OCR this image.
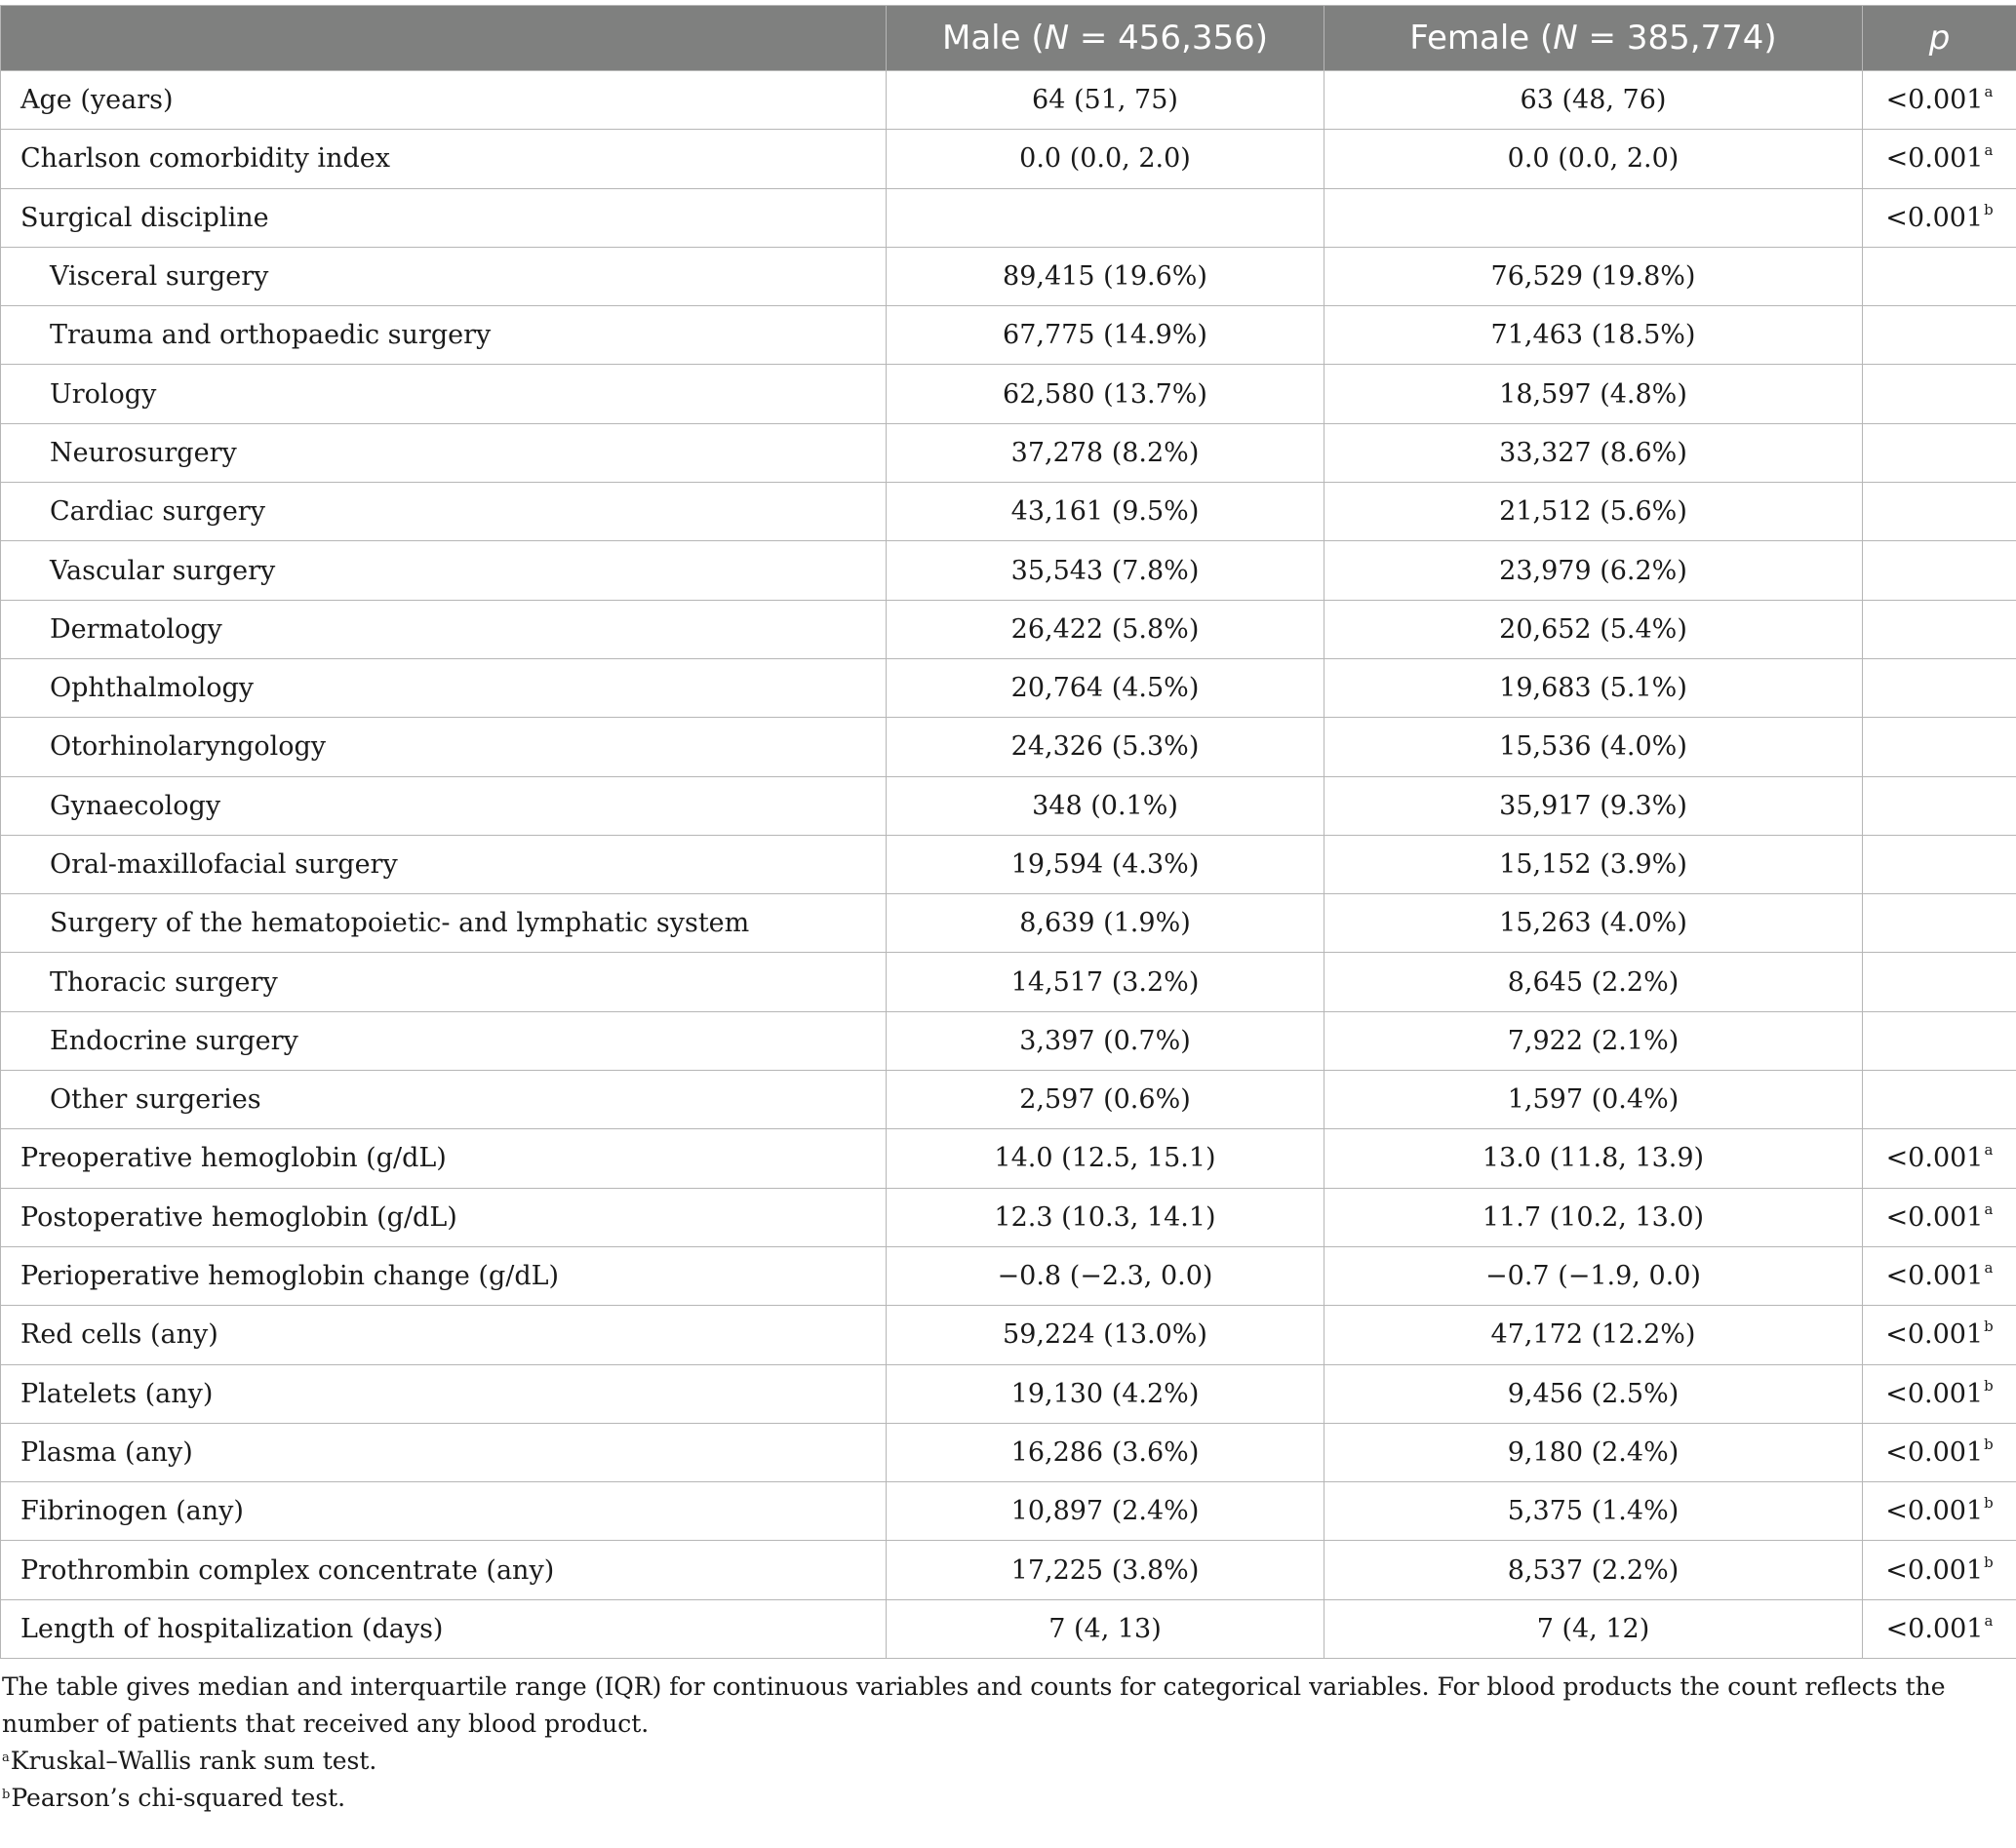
	Male (N = 456,356)	Female (N = 385,774)	p
Age (years)	64 (51, 75)	63 (48, 76)	<0.001$^a$
Charlson comorbidity index	0.0 (0.0, 2.0)	0.0 (0.0, 2.0)	<0.001$^a$
Surgical discipline			<0.001$^b$
Visceral surgery	89,415 (19.6%)	76,529 (19.8%)	
Trauma and orthopaedic surgery	67,775 (14.9%)	71,463 (18.5%)	
Urology	62,580 (13.7%)	18,597 (4.8%)	
Neurosurgery	37,278 (8.2%)	33,327 (8.6%)	
Cardiac surgery	43,161 (9.5%)	21,512 (5.6%)	
Vascular surgery	35,543 (7.8%)	23,979 (6.2%)	
Dermatology	26,422 (5.8%)	20,652 (5.4%)	
Ophthalmology	20,764 (4.5%)	19,683 (5.1%)	
Otorhinolaryngology	24,326 (5.3%)	15,536 (4.0%)	
Gynaecology	348 (0.1%)	35,917 (9.3%)	
Oral-maxillofacial surgery	19,594 (4.3%)	15,152 (3.9%)	
Surgery of the hematopoietic- and lymphatic system	8,639 (1.9%)	15,263 (4.0%)	
Thoracic surgery	14,517 (3.2%)	8,645 (2.2%)	
Endocrine surgery	3,397 (0.7%)	7,922 (2.1%)	
Other surgeries	2,597 (0.6%)	1,597 (0.4%)	
Preoperative hemoglobin (g/dL)	14.0 (12.5, 15.1)	13.0 (11.8, 13.9)	<0.001$^a$
Postoperative hemoglobin (g/dL)	12.3 (10.3, 14.1)	11.7 (10.2, 13.0)	<0.001$^a$
Perioperative hemoglobin change (g/dL)	−0.8 (−2.3, 0.0)	−0.7 (−1.9, 0.0)	<0.001$^a$
Red cells (any)	59,224 (13.0%)	47,172 (12.2%)	<0.001$^b$
Platelets (any)	19,130 (4.2%)	9,456 (2.5%)	<0.001$^b$
Plasma (any)	16,286 (3.6%)	9,180 (2.4%)	<0.001$^b$
Fibrinogen (any)	10,897 (2.4%)	5,375 (1.4%)	<0.001$^b$
Prothrombin complex concentrate (any)	17,225 (3.8%)	8,537 (2.2%)	<0.001$^b$
Length of hospitalization (days)	7 (4, 13)	7 (4, 12)	<0.001$^a$
The table gives median and interquartile range (IQR) for continuous variables and counts for categorical variables. For blood products the count reflects the number of patients that received any blood product.
$^a$Kruskal–Wallis rank sum test.
$^b$Pearson’s chi-squared test.
